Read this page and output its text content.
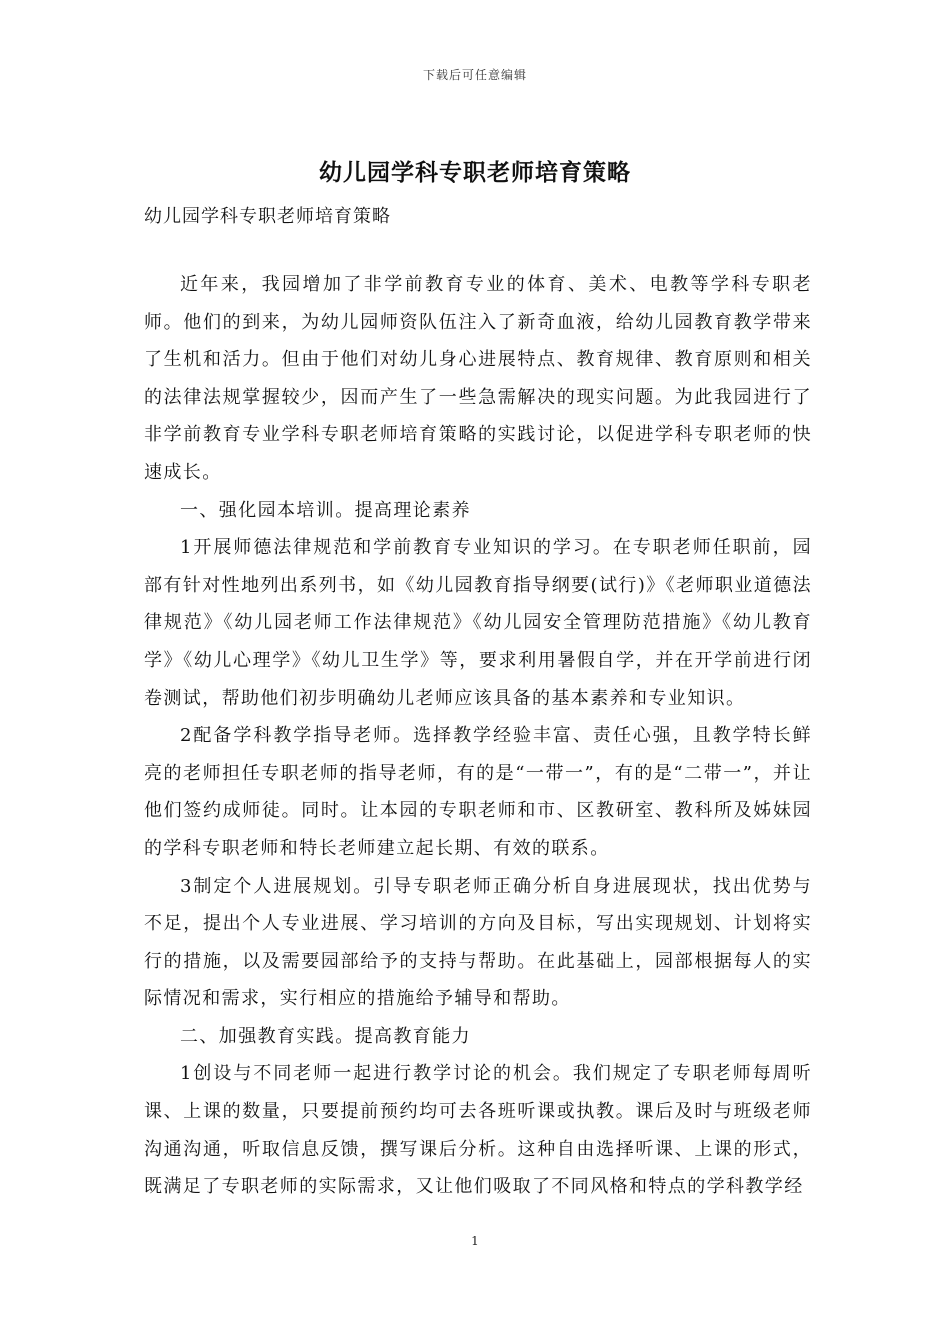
下载后可任意编辑
幼儿园学科专职老师培育策略
幼儿园学科专职老师培育策略

近年来，我园增加了非学前教育专业的体育、美术、电教等学科专职老师。他们的到来，为幼儿园师资队伍注入了新奇血液，给幼儿园教育教学带来了生机和活力。但由于他们对幼儿身心进展特点、教育规律、教育原则和相关的法律法规掌握较少，因而产生了一些急需解决的现实问题。为此我园进行了非学前教育专业学科专职老师培育策略的实践讨论，以促进学科专职老师的快速成长。

一、强化园本培训。提高理论素养

1开展师德法律规范和学前教育专业知识的学习。在专职老师任职前，园部有针对性地列出系列书，如《幼儿园教育指导纲要(试行)》《老师职业道德法律规范》《幼儿园老师工作法律规范》《幼儿园安全管理防范措施》《幼儿教育学》《幼儿心理学》《幼儿卫生学》等，要求利用暑假自学，并在开学前进行闭卷测试，帮助他们初步明确幼儿老师应该具备的基本素养和专业知识。

2配备学科教学指导老师。选择教学经验丰富、责任心强，且教学特长鲜亮的老师担任专职老师的指导老师，有的是“一带一”，有的是“二带一”，并让他们签约成师徒。同时。让本园的专职老师和市、区教研室、教科所及姊妹园的学科专职老师和特长老师建立起长期、有效的联系。

3制定个人进展规划。引导专职老师正确分析自身进展现状，找出优势与不足，提出个人专业进展、学习培训的方向及目标，写出实现规划、计划将实行的措施，以及需要园部给予的支持与帮助。在此基础上，园部根据每人的实际情况和需求，实行相应的措施给予辅导和帮助。

二、加强教育实践。提高教育能力

1创设与不同老师一起进行教学讨论的机会。我们规定了专职老师每周听课、上课的数量，只要提前预约均可去各班听课或执教。课后及时与班级老师沟通沟通，听取信息反馈，撰写课后分析。这种自由选择听课、上课的形式，既满足了专职老师的实际需求，又让他们吸取了不同风格和特点的学科教学经

1
